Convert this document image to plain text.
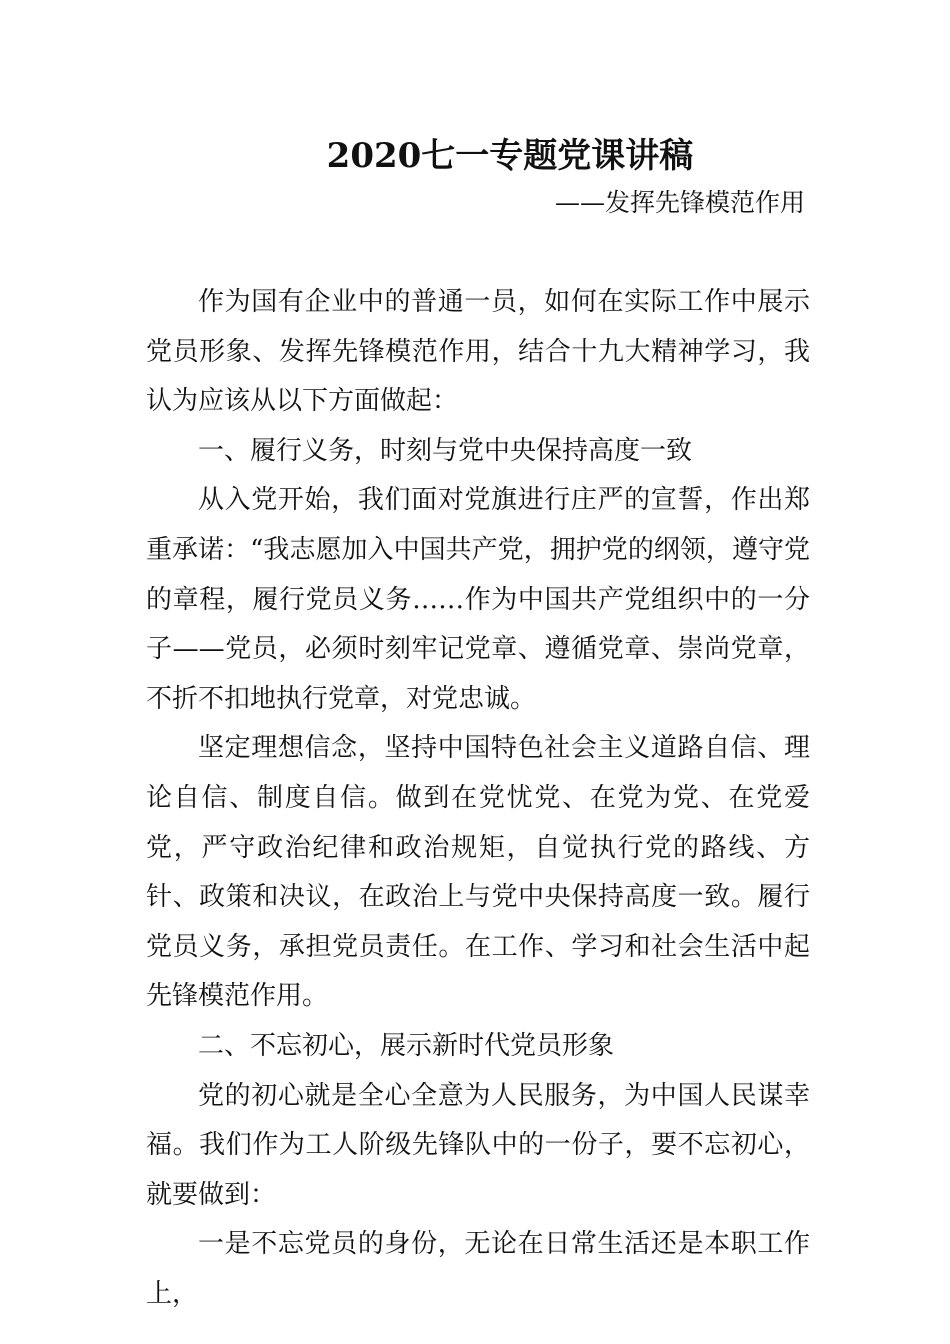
2020七一专题党课讲稿

——发挥先锋模范作用

作为国有企业中的普通一员，如何在实际工作中展示党员形象、发挥先锋模范作用，结合十九大精神学习，我认为应该从以下方面做起：

一、履行义务，时刻与党中央保持高度一致

从入党开始，我们面对党旗进行庄严的宣誓，作出郑重承诺：“我志愿加入中国共产党，拥护党的纲领，遵守党的章程，履行党员义务……作为中国共产党组织中的一分子——党员，必须时刻牢记党章、遵循党章、崇尚党章，不折不扣地执行党章，对党忠诚。

坚定理想信念，坚持中国特色社会主义道路自信、理论自信、制度自信。做到在党忧党、在党为党、在党爱党，严守政治纪律和政治规矩，自觉执行党的路线、方针、政策和决议，在政治上与党中央保持高度一致。履行党员义务，承担党员责任。在工作、学习和社会生活中起先锋模范作用。

二、不忘初心，展示新时代党员形象

党的初心就是全心全意为人民服务，为中国人民谋幸福。我们作为工人阶级先锋队中的一份子，要不忘初心，就要做到：

一是不忘党员的身份，无论在日常生活还是本职工作上，
